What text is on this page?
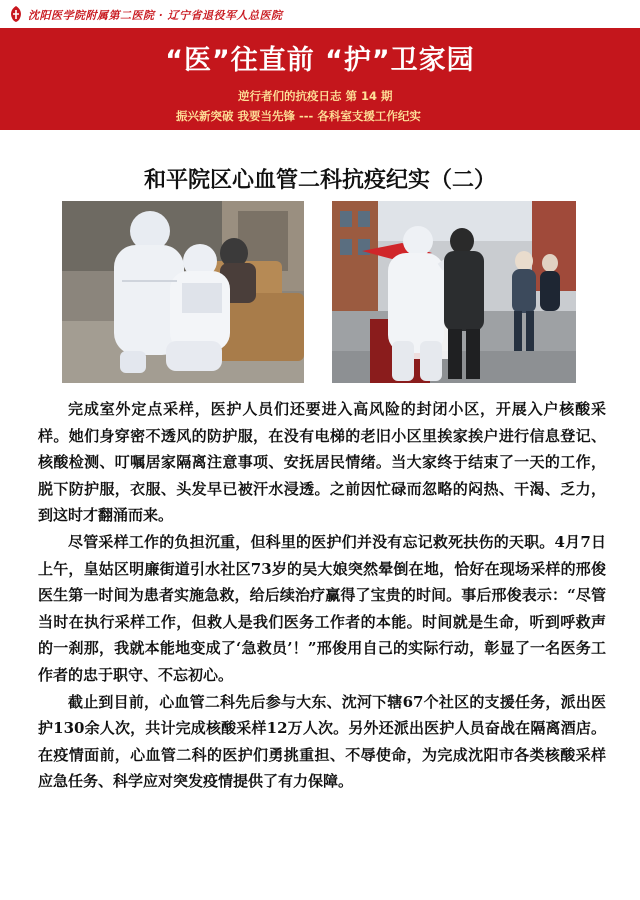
沈阳医学院附属第二医院 · 辽宁省退役军人总医院
“医”往直前 “护”卫家园
逆行者们的抗疫日志 第 14 期
振兴新突破 我要当先锋 --- 各科室支援工作纪实
和平院区心血管二科抗疫纪实（二）

完成室外定点采样，医护人员们还要进入高风险的封闭小区，开展入户核酸采样。她们身穿密不透风的防护服，在没有电梯的老旧小区里挨家挨户进行信息登记、核酸检测、叮嘱居家隔离注意事项、安抚居民情绪。当大家终于结束了一天的工作，脱下防护服，衣服、头发早已被汗水浸透。之前因忙碌而忽略的闷热、干渴、乏力，到这时才翻涌而来。

尽管采样工作的负担沉重，但科里的医护们并没有忘记救死扶伤的天职。4月7日上午，皇姑区明廉街道引水社区73岁的吴大娘突然晕倒在地，恰好在现场采样的邢俊医生第一时间为患者实施急救，给后续治疗赢得了宝贵的时间。事后邢俊表示：“尽管当时在执行采样工作，但救人是我们医务工作者的本能。时间就是生命，听到呼救声的一刹那，我就本能地变成了‘急救员’！”邢俊用自己的实际行动，彰显了一名医务工作者的忠于职守、不忘初心。

截止到目前，心血管二科先后参与大东、沈河下辖67个社区的支援任务，派出医护130余人次，共计完成核酸采样12万人次。另外还派出医护人员奋战在隔离酒店。在疫情面前，心血管二科的医护们勇挑重担、不辱使命，为完成沈阳市各类核酸采样应急任务、科学应对突发疫情提供了有力保障。
